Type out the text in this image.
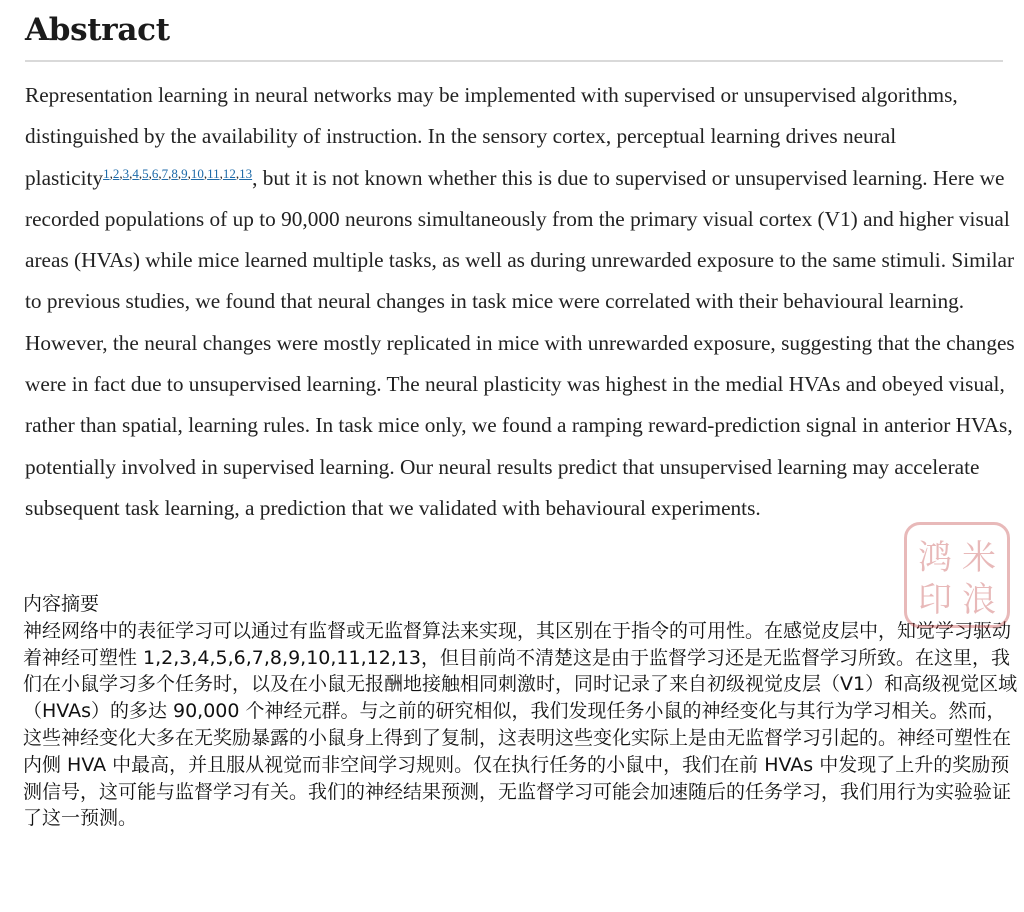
Abstract

Representation learning in neural networks may be implemented with supervised or unsupervised algorithms, distinguished by the availability of instruction. In the sensory cortex, perceptual learning drives neural plasticity$^{1,2,3,4,5,6,7,8,9,10,11,12,13}$, but it is not known whether this is due to supervised or unsupervised learning. Here we recorded populations of up to 90,000 neurons simultaneously from the primary visual cortex (V1) and higher visual areas (HVAs) while mice learned multiple tasks, as well as during unrewarded exposure to the same stimuli. Similar to previous studies, we found that neural changes in task mice were correlated with their behavioural learning. However, the neural changes were mostly replicated in mice with unrewarded exposure, suggesting that the changes were in fact due to unsupervised learning. The neural plasticity was highest in the medial HVAs and obeyed visual, rather than spatial, learning rules. In task mice only, we found a ramping reward-prediction signal in anterior HVAs, potentially involved in supervised learning. Our neural results predict that unsupervised learning may accelerate subsequent task learning, a prediction that we validated with behavioural experiments.

内容摘要

神经网络中的表征学习可以通过有监督或无监督算法来实现，其区别在于指令的可用性。在感觉皮层中，知觉学习驱动着神经可塑性 1,2,3,4,5,6,7,8,9,10,11,12,13，但目前尚不清楚这是由于监督学习还是无监督学习所致。在这里，我们在小鼠学习多个任务时，以及在小鼠无报酬地接触相同刺激时，同时记录了来自初级视觉皮层（V1）和高级视觉区域（HVAs）的多达 90,000 个神经元群。与之前的研究相似，我们发现任务小鼠的神经变化与其行为学习相关。然而，这些神经变化大多在无奖励暴露的小鼠身上得到了复制，这表明这些变化实际上是由无监督学习引起的。神经可塑性在内侧 HVA 中最高，并且服从视觉而非空间学习规则。仅在执行任务的小鼠中，我们在前 HVAs 中发现了上升的奖励预测信号，这可能与监督学习有关。我们的神经结果预测，无监督学习可能会加速随后的任务学习，我们用行为实验验证了这一预测。

米
浪
鸿
印
